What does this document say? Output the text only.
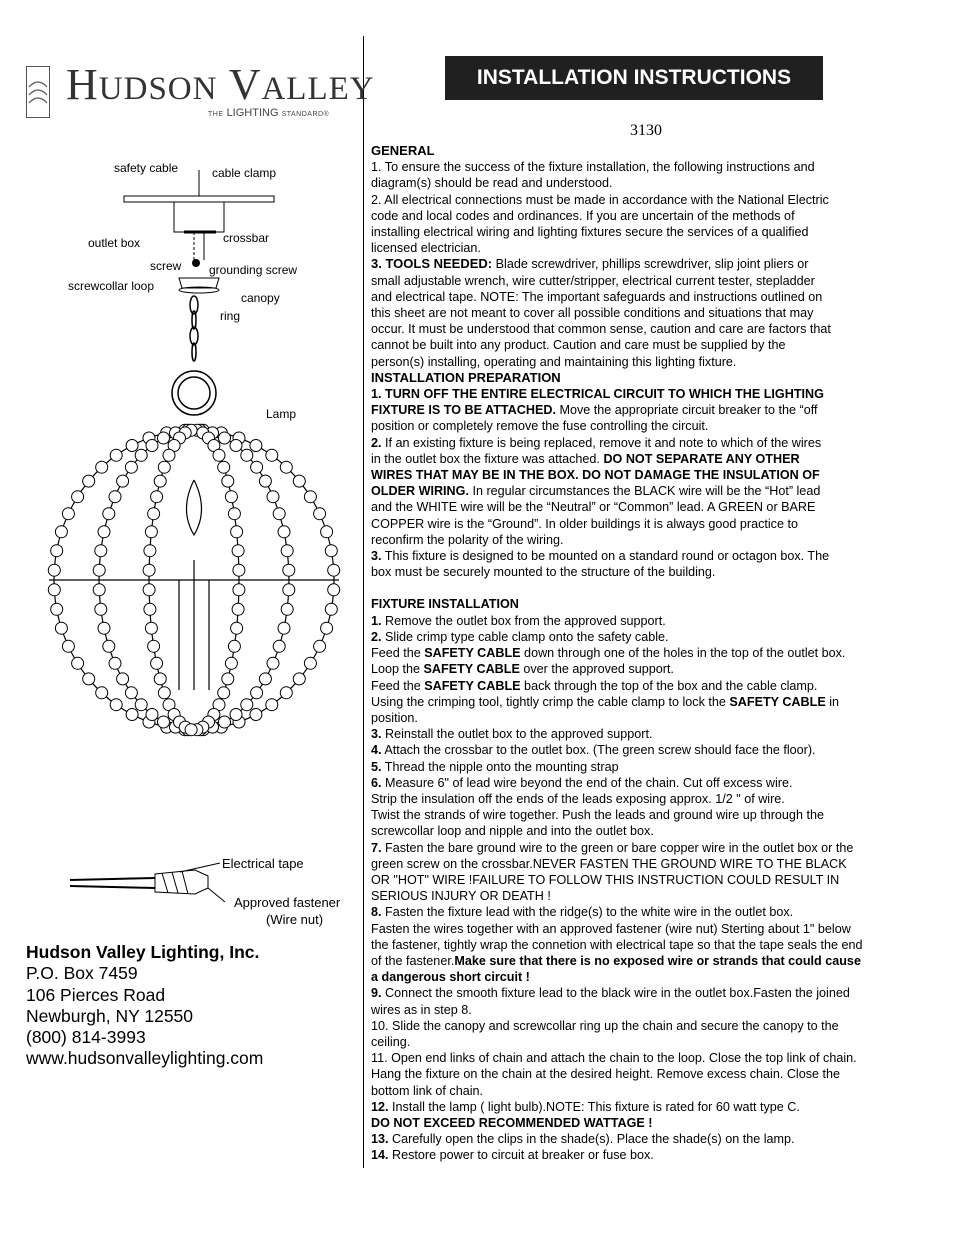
HUDSON VALLEY
THE LIGHTING STANDARD®
INSTALLATION INSTRUCTIONS
3130
safety cable	cable clamp
outlet box	crossbar
screw grounding screw
screwcollar loop
canopy
ring
Lamp
Electrical tape
Approved fastener
(Wire nut)

Hudson Valley Lighting, Inc.

P.O. Box 7459

106 Pierces Road

Newburgh, NY 12550

(800) 814-3993

www.hudsonvalleylighting.com

GENERAL

1. To ensure the success of the fixture installation, the following instructions and

diagram(s) should be read and understood.

2. All electrical connections must be made in accordance with the National Electric

code and local codes and ordinances. If you are uncertain of the methods of

installing electrical wiring and lighting fixtures secure the services of a qualified

licensed electrician.

3. TOOLS NEEDED: Blade screwdriver, phillips screwdriver, slip joint pliers or

small adjustable wrench, wire cutter/stripper, electrical current tester, stepladder

and electrical tape. NOTE: The important safeguards and instructions outlined on

this sheet are not meant to cover all possible conditions and situations that may

occur. It must be understood that common sense, caution and care are factors that

cannot be built into any product. Caution and care must be supplied by the

person(s) installing, operating and maintaining this lighting fixture.

INSTALLATION PREPARATION

1. TURN OFF THE ENTIRE ELECTRICAL CIRCUIT TO WHICH THE LIGHTING

FIXTURE IS TO BE ATTACHED. Move the appropriate circuit breaker to the “off

position or completely remove the fuse controlling the circuit.

2. If an existing fixture is being replaced, remove it and note to which of the wires

in the outlet box the fixture was attached. DO NOT SEPARATE ANY OTHER

WIRES THAT MAY BE IN THE BOX. DO NOT DAMAGE THE INSULATION OF

OLDER WIRING. In regular circumstances the BLACK wire will be the “Hot” lead

and the WHITE wire will be the “Neutral” or “Common” lead. A GREEN or BARE

COPPER wire is the “Ground”. In older buildings it is always good practice to

reconfirm the polarity of the wiring.

3. This fixture is designed to be mounted on a standard round or octagon box. The

box must be securely mounted to the structure of the building.

FIXTURE INSTALLATION

1. Remove the outlet box from the approved support.

2. Slide crimp type cable clamp onto the safety cable.

Feed the SAFETY CABLE down through one of the holes in the top of the outlet box.

Loop the SAFETY CABLE over the approved support.

Feed the SAFETY CABLE back through the top of the box and the cable clamp.

Using the crimping tool, tightly crimp the cable clamp to lock the SAFETY CABLE in

position.

3. Reinstall the outlet box to the approved support.

4. Attach the crossbar to the outlet box. (The green screw should face the floor).

5. Thread the nipple onto the mounting strap

6. Measure 6" of lead wire beyond the end of the chain. Cut off excess wire.

Strip the insulation off the ends of the leads exposing approx. 1/2 " of wire.

Twist the strands of wire together. Push the leads and ground wire up through the

screwcollar loop and nipple and into the outlet box.

7. Fasten the bare ground wire to the green or bare copper wire in the outlet box or the

green screw on the crossbar.NEVER FASTEN THE GROUND WIRE TO THE BLACK

OR "HOT" WIRE !FAILURE TO FOLLOW THIS INSTRUCTION COULD RESULT IN

SERIOUS INJURY OR DEATH !

8. Fasten the fixture lead with the ridge(s) to the white wire in the outlet box.

Fasten the wires together with an approved fastener (wire nut) Sterting about 1" below

the fastener, tightly wrap the connetion with electrical tape so that the tape seals the end

of the fastener.Make sure that there is no exposed wire or strands that could cause

a dangerous short circuit !

9. Connect the smooth fixture lead to the black wire in the outlet box.Fasten the joined

wires as in step 8.

10. Slide the canopy and screwcollar ring up the chain and secure the canopy to the

ceiling.

11. Open end links of chain and attach the chain to the loop. Close the top link of chain.

Hang the fixture on the chain at the desired height. Remove excess chain. Close the

bottom link of chain.

12. Install the lamp ( light bulb).NOTE: This fixture is rated for 60 watt type C.

DO NOT EXCEED RECOMMENDED WATTAGE !

13. Carefully open the clips in the shade(s). Place the shade(s) on the lamp.

14. Restore power to circuit at breaker or fuse box.
